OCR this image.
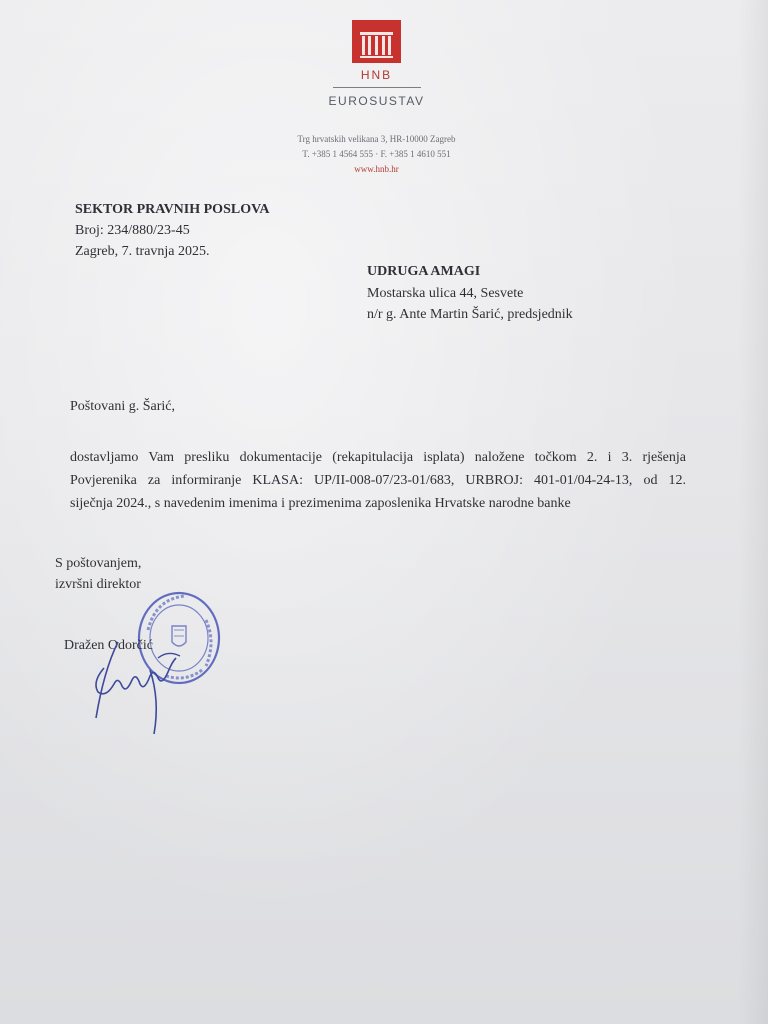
HNB
EUROSUSTAV
Trg hrvatskih velikana 3, HR-10000 Zagreb
T. +385 1 4564 555 · F. +385 1 4610 551
www.hnb.hr
SEKTOR PRAVNIH POSLOVA
Broj: 234/880/23-45
Zagreb, 7. travnja 2025.
UDRUGA AMAGI
Mostarska ulica 44, Sesvete
n/r g. Ante Martin Šarić, predsjednik
Poštovani g. Šarić,
dostavljamo Vam presliku dokumentacije (rekapitulacija isplata) naložene točkom 2. i 3. rješenja
Povjerenika za informiranje KLASA: UP/II-008-07/23-01/683, URBROJ: 401-01/04-24-13, od 12.
siječnja 2024., s navedenim imenima i prezimenima zaposlenika Hrvatske narodne banke
S poštovanjem,
izvršni direktor
Dražen Odorčić
